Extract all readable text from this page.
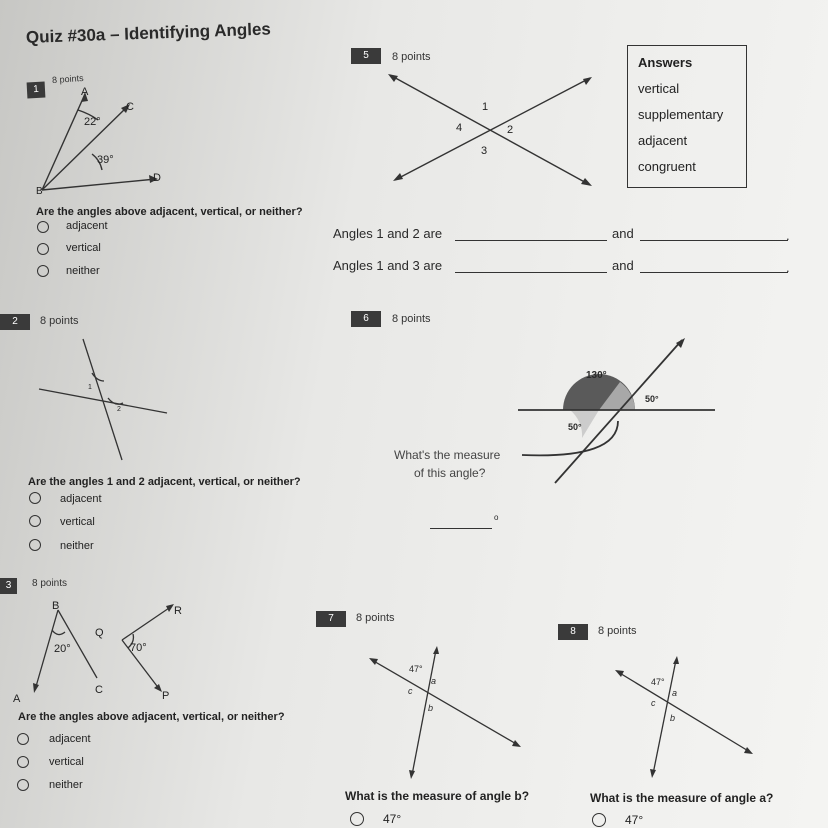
Quiz #30a – Identifying Angles
Answers
vertical
supplementary
adjacent
congruent
1
8 points
A
C
D
B
22°
39°
Are the angles above adjacent, vertical, or neither?
adjacent
vertical
neither
5	8 points
1
2
3
4
Angles 1 and 2 are	and	.
Angles 1 and 3 are	and	.
2	8 points
1
2
Are the angles 1 and 2 adjacent, vertical, or neither?
adjacent
vertical
neither
6	8 points
130°
50°
50°
What's the measure
of this angle?
o
3	8 points
B
Q
R
A
C	P
20°	70°
Are the angles above adjacent, vertical, or neither?
adjacent
vertical
neither
7	8 points
47°
a
c
b
What is the measure of angle b?
47°
8	8 points
47°
a
c
b
What is the measure of angle a?
47°
